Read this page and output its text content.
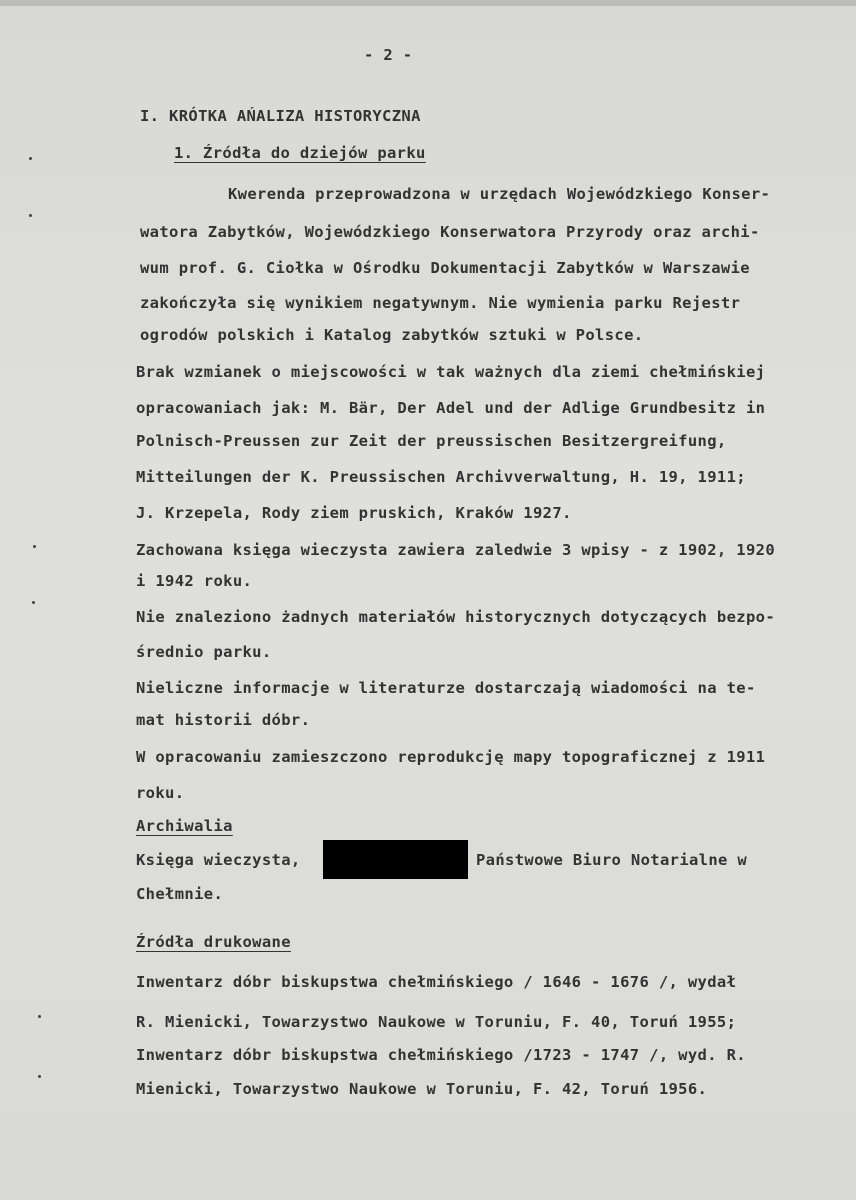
- 2 -
I. KRÓTKA AŃALIZA HISTORYCZNA
1. Źródła do dziejów parku
Kwerenda przeprowadzona w urzędach Wojewódzkiego Konser-
watora Zabytków, Wojewódzkiego Konserwatora Przyrody oraz archi-
wum prof. G. Ciołka w Ośrodku Dokumentacji Zabytków w Warszawie
zakończyła się wynikiem negatywnym. Nie wymienia parku Rejestr
ogrodów polskich i Katalog zabytków sztuki w Polsce.
Brak wzmianek o miejscowości w tak ważnych dla ziemi chełmińskiej
opracowaniach jak: M. Bär, Der Adel und der Adlige Grundbesitz in
Polnisch-Preussen zur Zeit der preussischen Besitzergreifung,
Mitteilungen der K. Preussischen Archivverwaltung, H. 19, 1911;
J. Krzepela, Rody ziem pruskich, Kraków 1927.
Zachowana księga wieczysta zawiera zaledwie 3 wpisy - z 1902, 1920
i 1942 roku.
Nie znaleziono żadnych materiałów historycznych dotyczących bezpo-
średnio parku.
Nieliczne informacje w literaturze dostarczają wiadomości na te-
mat historii dóbr.
W opracowaniu zamieszczono reprodukcję mapy topograficznej z 1911
roku.
Archiwalia
Księga wieczysta,	Państwowe Biuro Notarialne w
Chełmnie.
Źródła drukowane
Inwentarz dóbr biskupstwa chełmińskiego / 1646 - 1676 /, wydał
R. Mienicki, Towarzystwo Naukowe w Toruniu, F. 40, Toruń 1955;
Inwentarz dóbr biskupstwa chełmińskiego /1723 - 1747 /, wyd. R.
Mienicki, Towarzystwo Naukowe w Toruniu, F. 42, Toruń 1956.
